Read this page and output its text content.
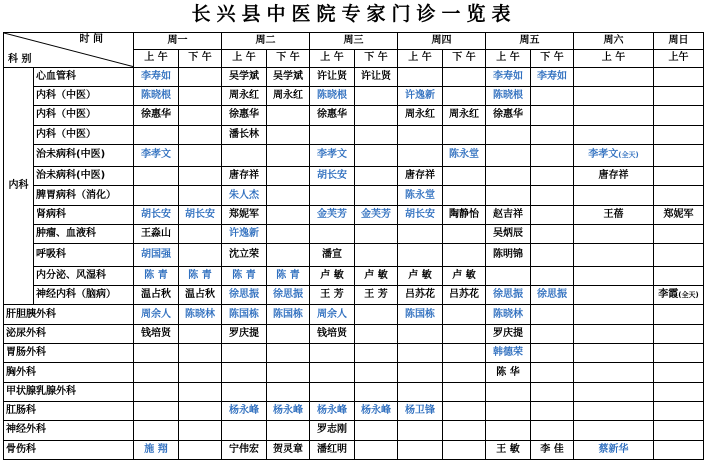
长兴县中医院专家门诊一览表
时 间
科 别		周一		周二		周三		周四		周五		周六	周日
		上 午	下 午	上 午	下 午	上 午	下 午	上 午	下 午	上 午	下 午	上 午	上午
内科	心血管科	李寿如		吴学斌	吴学斌	许让贤	许让贤			李寿如	李寿如		
	内科（中医）	陈晓根		周永红	周永红	陈晓根		许逸新		陈晓根			
	内科（中医）	徐惠华		徐惠华		徐惠华		周永红	周永红	徐惠华			
	内科（中医）			潘长林									
	治未病科(中医)	李孝文				李孝文			陈永堂			李孝文(全天)	
	治未病科(中医)			唐存祥		胡长安		唐存祥				唐存祥	
	脾胃病科（消化）			朱人杰				陈永堂					
	肾病科	胡长安	胡长安	郑妮军		金芙芳	金芙芳	胡长安	陶静怡	赵吉祥		王蓓	郑妮军
	肿瘤、血液科	王淼山		许逸新						吴炳辰			
	呼吸科	胡国强		沈立荣		潘宣				陈明锦			
	内分泌、风湿科	陈 青	陈 青	陈 青	陈 青	卢 敏	卢 敏	卢 敏	卢 敏				
	神经内科（脑病）	温占秋	温占秋	徐思振	徐思振	王 芳	王 芳	吕苏花	吕苏花	徐思振	徐思振		李霞(全天)
肝胆胰外科		周余人	陈晓林	陈国栋	陈国栋	周余人		陈国栋		陈晓林			
泌尿外科		钱培贤		罗庆提		钱培贤				罗庆提			
胃肠外科										韩德荣			
胸外科										陈 华			
甲状腺乳腺外科													
肛肠科				杨永峰	杨永峰	杨永峰	杨永峰	杨卫锋					
神经外科						罗志刚							
骨伤科		施 翔		宁伟宏	贺灵章	潘红明				王 敏	李 佳	蔡新华	
